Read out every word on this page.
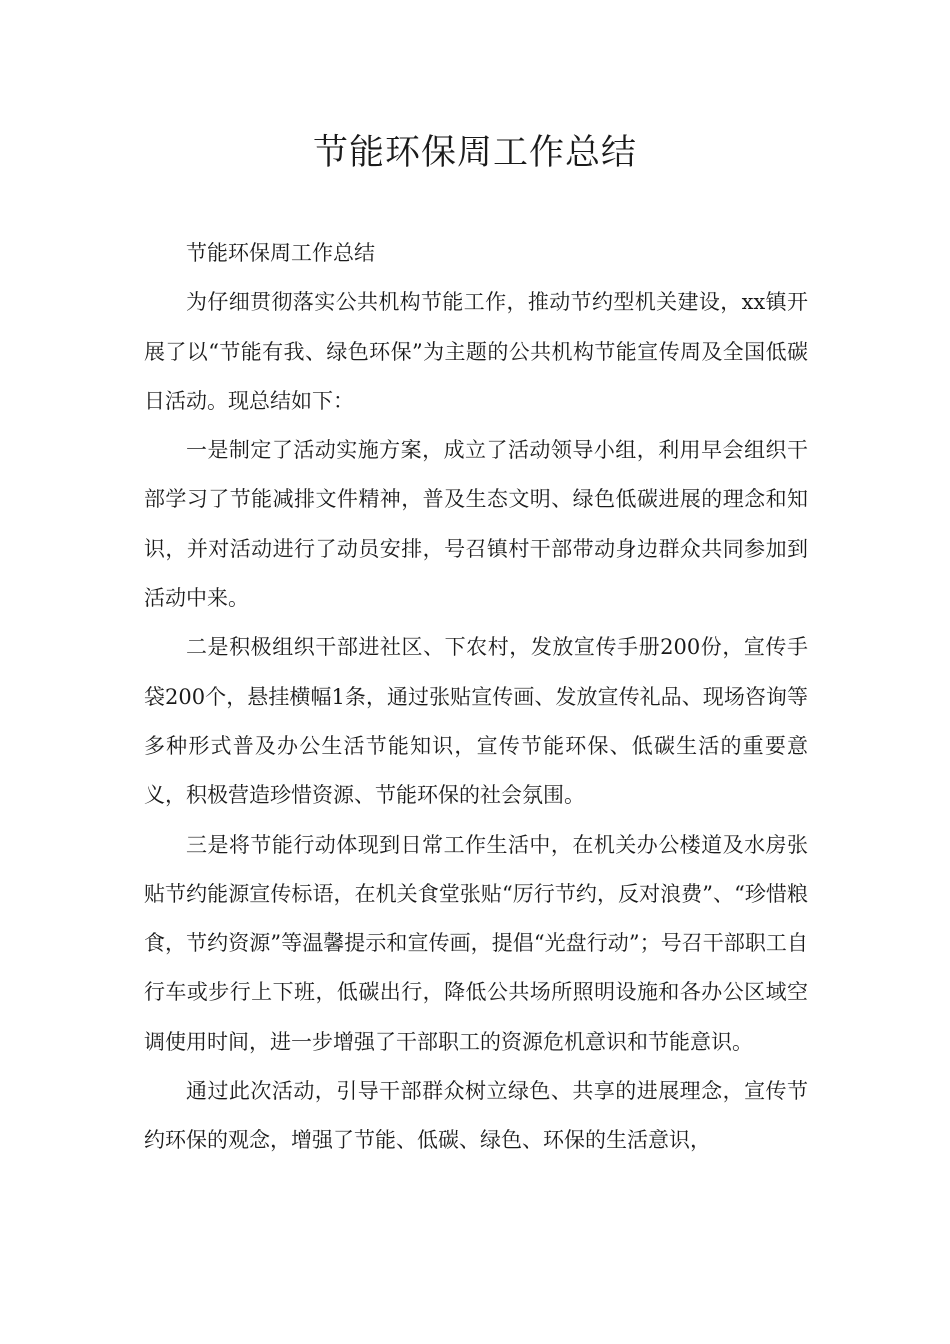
节能环保周工作总结

节能环保周工作总结

为仔细贯彻落实公共机构节能工作，推动节约型机关建设，xx镇开展了以“节能有我、绿色环保”为主题的公共机构节能宣传周及全国低碳日活动。现总结如下：

一是制定了活动实施方案，成立了活动领导小组，利用早会组织干部学习了节能减排文件精神，普及生态文明、绿色低碳进展的理念和知识，并对活动进行了动员安排，号召镇村干部带动身边群众共同参加到活动中来。

二是积极组织干部进社区、下农村，发放宣传手册200份，宣传手袋200个，悬挂横幅1条，通过张贴宣传画、发放宣传礼品、现场咨询等多种形式普及办公生活节能知识，宣传节能环保、低碳生活的重要意义，积极营造珍惜资源、节能环保的社会氛围。

三是将节能行动体现到日常工作生活中，在机关办公楼道及水房张贴节约能源宣传标语，在机关食堂张贴“厉行节约，反对浪费”、“珍惜粮食，节约资源”等温馨提示和宣传画，提倡“光盘行动”；号召干部职工自行车或步行上下班，低碳出行，降低公共场所照明设施和各办公区域空调使用时间，进一步增强了干部职工的资源危机意识和节能意识。

通过此次活动，引导干部群众树立绿色、共享的进展理念，宣传节约环保的观念，增强了节能、低碳、绿色、环保的生活意识，
